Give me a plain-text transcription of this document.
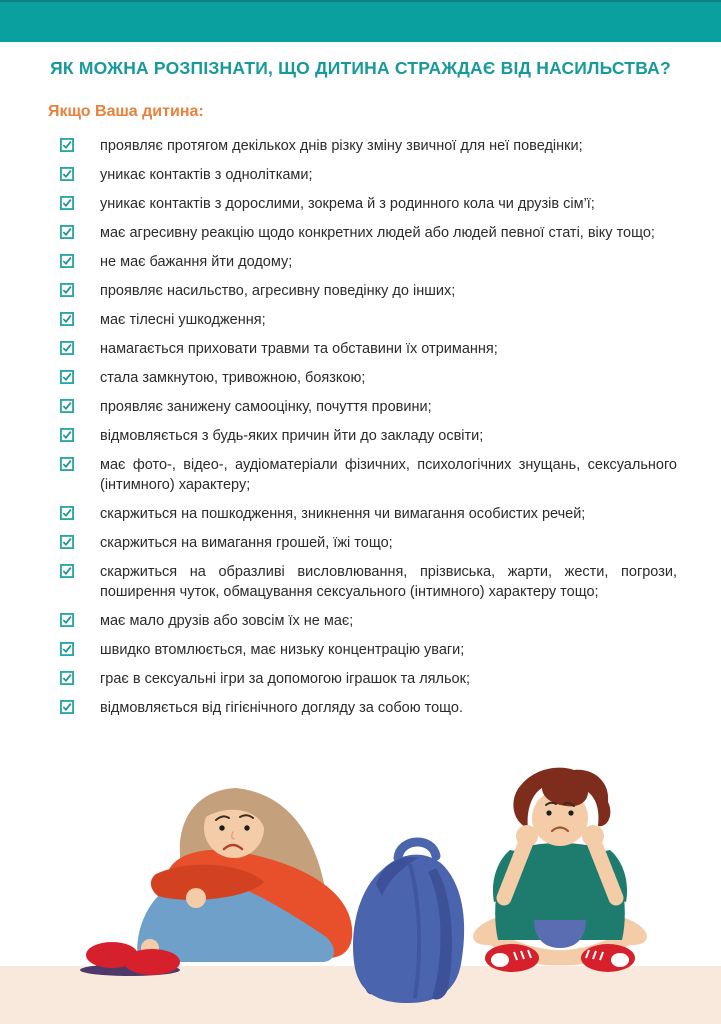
ЯК МОЖНА РОЗПІЗНАТИ, ЩО ДИТИНА СТРАЖДАЄ ВІД НАСИЛЬСТВА?
Якщо Ваша дитина:
проявляє протягом декількох днів різку зміну звичної для неї поведінки;
уникає контактів з однолітками;
уникає контактів з дорослими, зокрема й з родинного кола чи друзів сім’ї;
має агресивну реакцію щодо конкретних людей або людей певної статі, віку тощо;
не має бажання йти додому;
проявляє насильство, агресивну поведінку до інших;
має тілесні ушкодження;
намагається приховати травми та обставини їх отримання;
стала замкнутою, тривожною, боязкою;
проявляє занижену самооцінку, почуття провини;
відмовляється з будь-яких причин йти до закладу освіти;
має фото-, відео-, аудіоматеріали фізичних, психологічних знущань, сексуального (інтимного) характеру;
скаржиться на пошкодження, зникнення чи вимагання особистих речей;
скаржиться на вимагання грошей, їжі тощо;
скаржиться на образливі висловлювання, прізвиська, жарти, жести, погрози, поширення чуток, обмацування сексуального (інтимного) характеру тощо;
має мало друзів або зовсім їх не має;
швидко втомлюється, має низьку концентрацію уваги;
грає в сексуальні ігри за допомогою іграшок та ляльок;
відмовляється від гігієнічного догляду за собою тощо.
